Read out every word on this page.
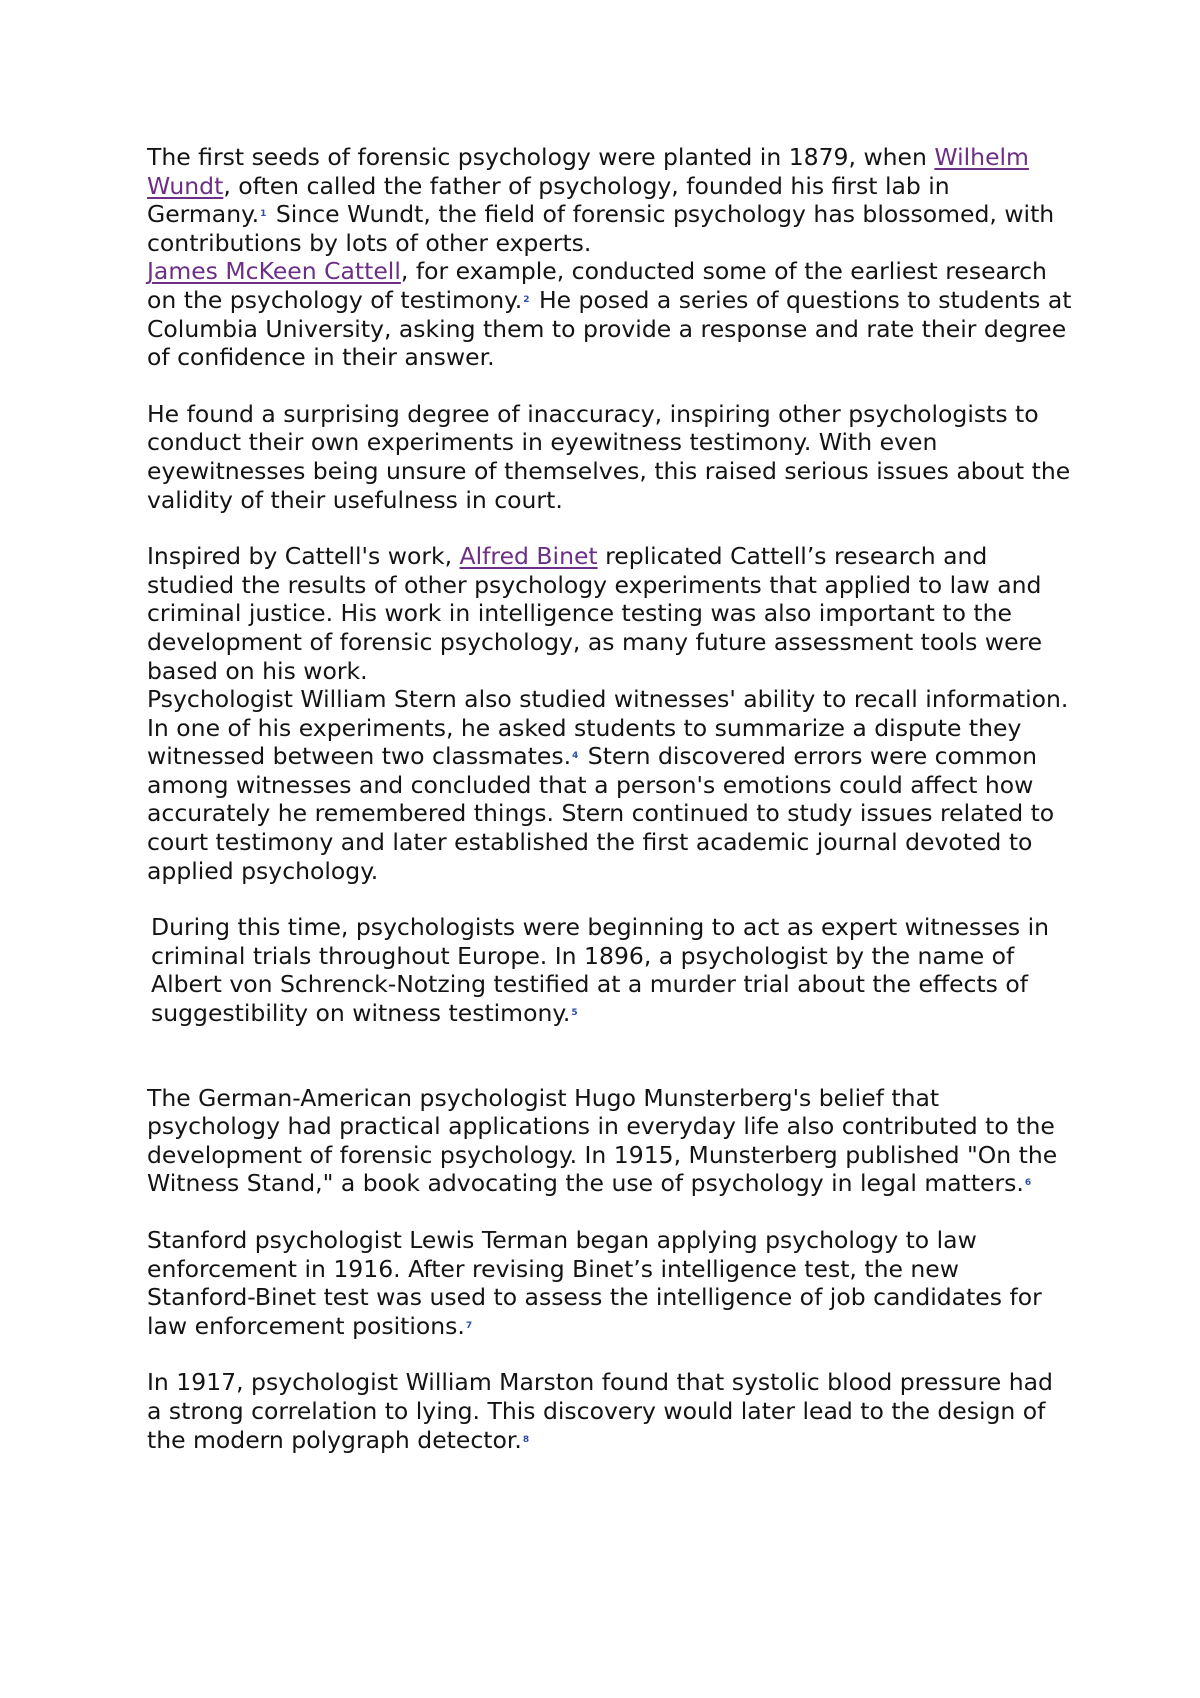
The first seeds of forensic psychology were planted in 1879, when Wilhelm Wundt, often called the father of psychology, founded his first lab in Germany.$^1$ Since Wundt, the field of forensic psychology has blossomed, with contributions by lots of other experts.

James McKeen Cattell, for example, conducted some of the earliest research on the psychology of testimony.$^2$ He posed a series of questions to students at Columbia University, asking them to provide a response and rate their degree of confidence in their answer.

He found a surprising degree of inaccuracy, inspiring other psychologists to conduct their own experiments in eyewitness testimony. With even eyewitnesses being unsure of themselves, this raised serious issues about the validity of their usefulness in court.

Inspired by Cattell's work, Alfred Binet replicated Cattell’s research and studied the results of other psychology experiments that applied to law and criminal justice. His work in intelligence testing was also important to the development of forensic psychology, as many future assessment tools were based on his work.

Psychologist William Stern also studied witnesses' ability to recall information. In one of his experiments, he asked students to summarize a dispute they witnessed between two classmates.$^4$ Stern discovered errors were common among witnesses and concluded that a person's emotions could affect how accurately he remembered things. Stern continued to study issues related to court testimony and later established the first academic journal devoted to applied psychology.

During this time, psychologists were beginning to act as expert witnesses in criminal trials throughout Europe. In 1896, a psychologist by the name of Albert von Schrenck-Notzing testified at a murder trial about the effects of suggestibility on witness testimony.$^5$

The German-American psychologist Hugo Munsterberg's belief that psychology had practical applications in everyday life also contributed to the development of forensic psychology. In 1915, Munsterberg published "On the Witness Stand," a book advocating the use of psychology in legal matters.$^6$

Stanford psychologist Lewis Terman began applying psychology to law enforcement in 1916. After revising Binet’s intelligence test, the new Stanford-Binet test was used to assess the intelligence of job candidates for law enforcement positions.$^7$

In 1917, psychologist William Marston found that systolic blood pressure had a strong correlation to lying. This discovery would later lead to the design of the modern polygraph detector.$^8$
